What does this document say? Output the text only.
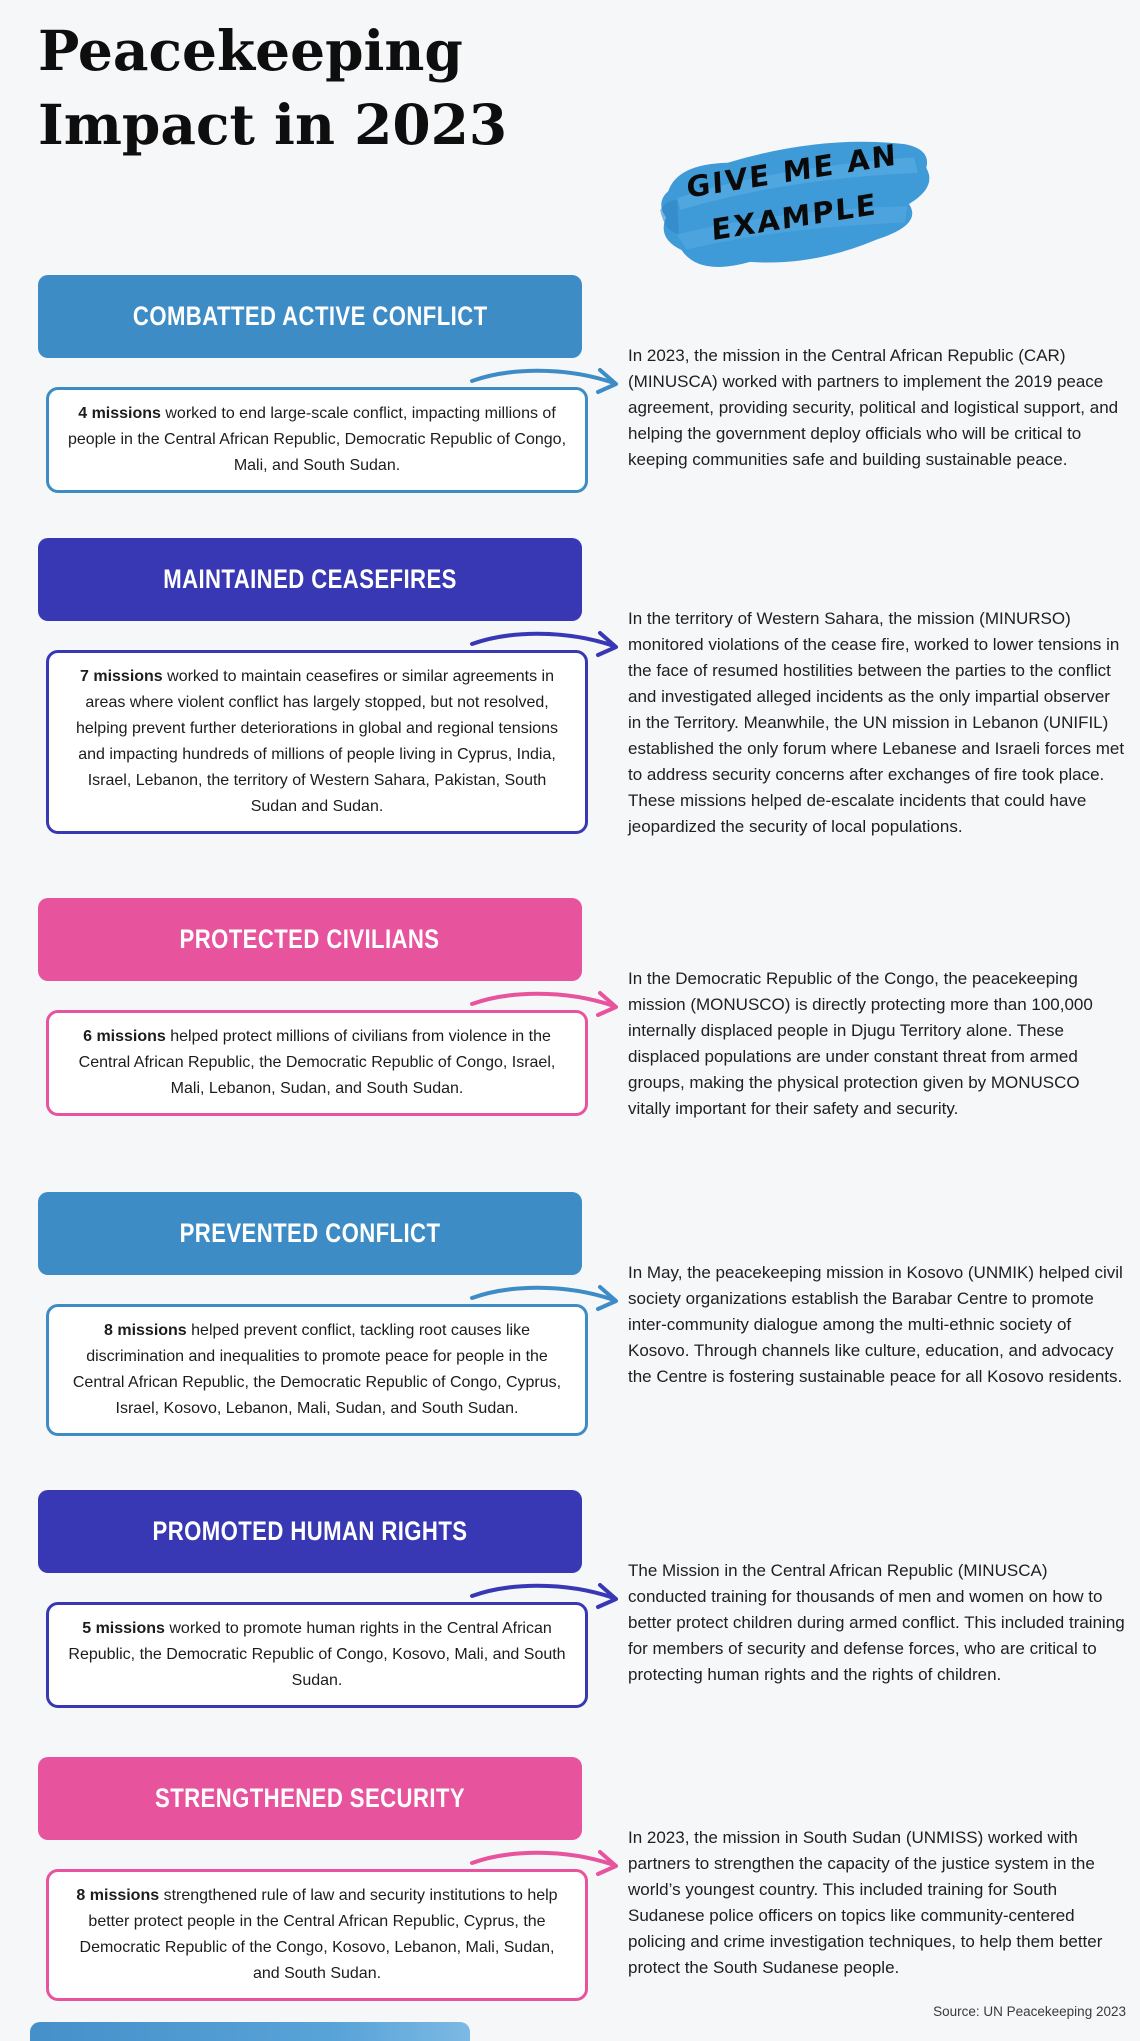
Peacekeeping
Impact in 2023
GIVE ME AN
EXAMPLE
COMBATTED ACTIVE CONFLICT
4 missions worked to end large-scale conflict, impacting millions of people in the Central African Republic, Democratic Republic of Congo, Mali, and South Sudan.
In 2023, the mission in the Central African Republic (CAR) (MINUSCA) worked with partners to implement the 2019 peace agreement, providing security, political and logistical support, and helping the government deploy officials who will be critical to keeping communities safe and building sustainable peace.
MAINTAINED CEASEFIRES
7 missions worked to maintain ceasefires or similar agreements in areas where violent conflict has largely stopped, but not resolved, helping prevent further deteriorations in global and regional tensions and impacting hundreds of millions of people living in Cyprus, India, Israel, Lebanon, the territory of Western Sahara, Pakistan, South Sudan and Sudan.
In the territory of Western Sahara, the mission (MINURSO) monitored violations of the cease fire, worked to lower tensions in the face of resumed hostilities between the parties to the conflict and investigated alleged incidents as the only impartial observer in the Territory. Meanwhile, the UN mission in Lebanon (UNIFIL) established the only forum where Lebanese and Israeli forces met to address security concerns after exchanges of fire took place. These missions helped de-escalate incidents that could have jeopardized the security of local populations.
PROTECTED CIVILIANS
6 missions helped protect millions of civilians from violence in the Central African Republic, the Democratic Republic of Congo, Israel, Mali, Lebanon, Sudan, and South Sudan.
In the Democratic Republic of the Congo, the peacekeeping mission (MONUSCO) is directly protecting more than 100,000 internally displaced people in Djugu Territory alone. These displaced populations are under constant threat from armed groups, making the physical protection given by MONUSCO vitally important for their safety and security.
PREVENTED CONFLICT
8 missions helped prevent conflict, tackling root causes like discrimination and inequalities to promote peace for people in the Central African Republic, the Democratic Republic of Congo, Cyprus, Israel, Kosovo, Lebanon, Mali, Sudan, and South Sudan.
In May, the peacekeeping mission in Kosovo (UNMIK) helped civil society organizations establish the Barabar Centre to promote inter-community dialogue among the multi-ethnic society of Kosovo. Through channels like culture, education, and advocacy the Centre is fostering sustainable peace for all Kosovo residents.
PROMOTED HUMAN RIGHTS
5 missions worked to promote human rights in the Central African Republic, the Democratic Republic of Congo, Kosovo, Mali, and South Sudan.
The Mission in the Central African Republic (MINUSCA) conducted training for thousands of men and women on how to better protect children during armed conflict. This included training for members of security and defense forces, who are critical to protecting human rights and the rights of children.
STRENGTHENED SECURITY
8 missions strengthened rule of law and security institutions to help better protect people in the Central African Republic, Cyprus, the Democratic Republic of the Congo, Kosovo, Lebanon, Mali, Sudan, and South Sudan.
In 2023, the mission in South Sudan (UNMISS) worked with partners to strengthen the capacity of the justice system in the world’s youngest country. This included training for South Sudanese police officers on topics like community-centered policing and crime investigation techniques, to help them better protect the South Sudanese people.
Source: UN Peacekeeping 2023
